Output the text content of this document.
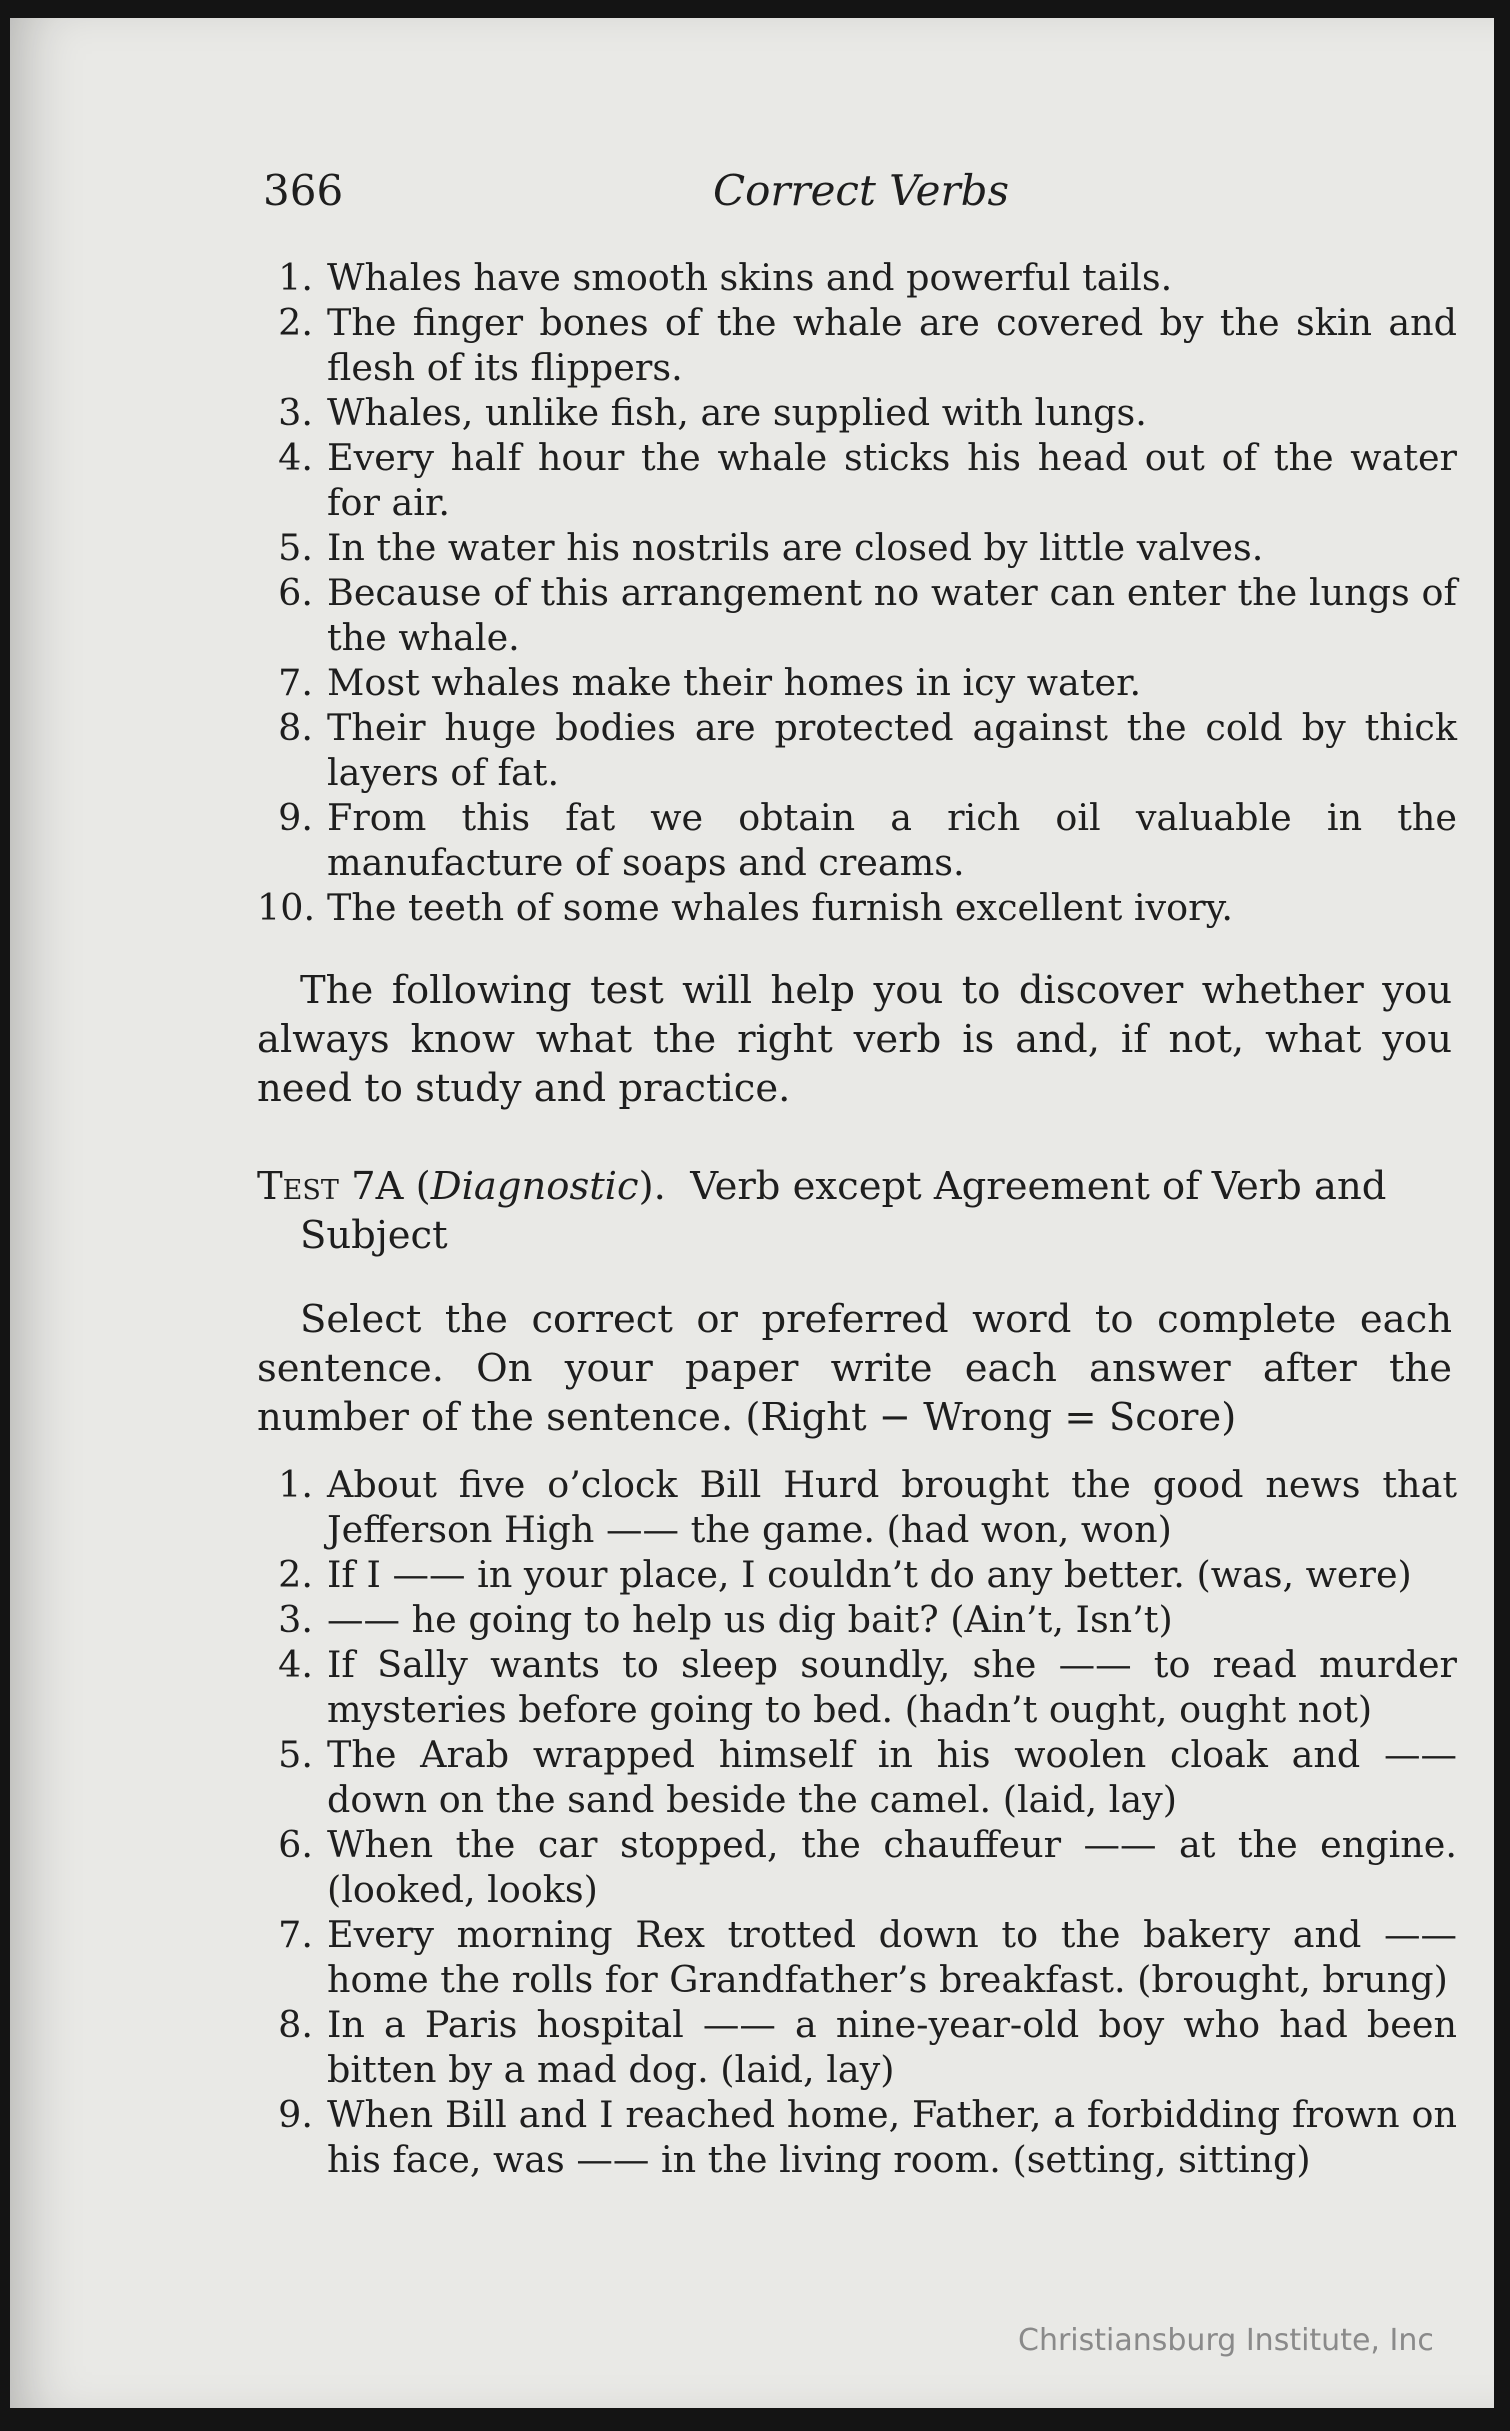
366	Correct Verbs
1. Whales have smooth skins and powerful tails.
2. The finger bones of the whale are covered by the skin and flesh of its flippers.
3. Whales, unlike fish, are supplied with lungs.
4. Every half hour the whale sticks his head out of the water for air.
5. In the water his nostrils are closed by little valves.
6. Because of this arrangement no water can enter the lungs of the whale.
7. Most whales make their homes in icy water.
8. Their huge bodies are protected against the cold by thick layers of fat.
9. From this fat we obtain a rich oil valuable in the manufacture of soaps and creams.
10. The teeth of some whales furnish excellent ivory.

The following test will help you to discover whether you always know what the right verb is and, if not, what you need to study and practice.

Test 7A (Diagnostic).  Verb except Agreement of Verb and Subject

Select the correct or preferred word to complete each sentence. On your paper write each answer after the number of the sentence. (Right − Wrong = Score)

1. About five o’clock Bill Hurd brought the good news that Jefferson High —— the game. (had won, won)
2. If I —— in your place, I couldn’t do any better. (was, were)
3. —— he going to help us dig bait? (Ain’t, Isn’t)
4. If Sally wants to sleep soundly, she —— to read murder mysteries before going to bed. (hadn’t ought, ought not)
5. The Arab wrapped himself in his woolen cloak and —— down on the sand beside the camel. (laid, lay)
6. When the car stopped, the chauffeur —— at the engine. (looked, looks)
7. Every morning Rex trotted down to the bakery and —— home the rolls for Grandfather’s breakfast. (brought, brung)
8. In a Paris hospital —— a nine-year-old boy who had been bitten by a mad dog. (laid, lay)
9. When Bill and I reached home, Father, a forbidding frown on his face, was —— in the living room. (setting, sitting)
Christiansburg Institute, Inc
